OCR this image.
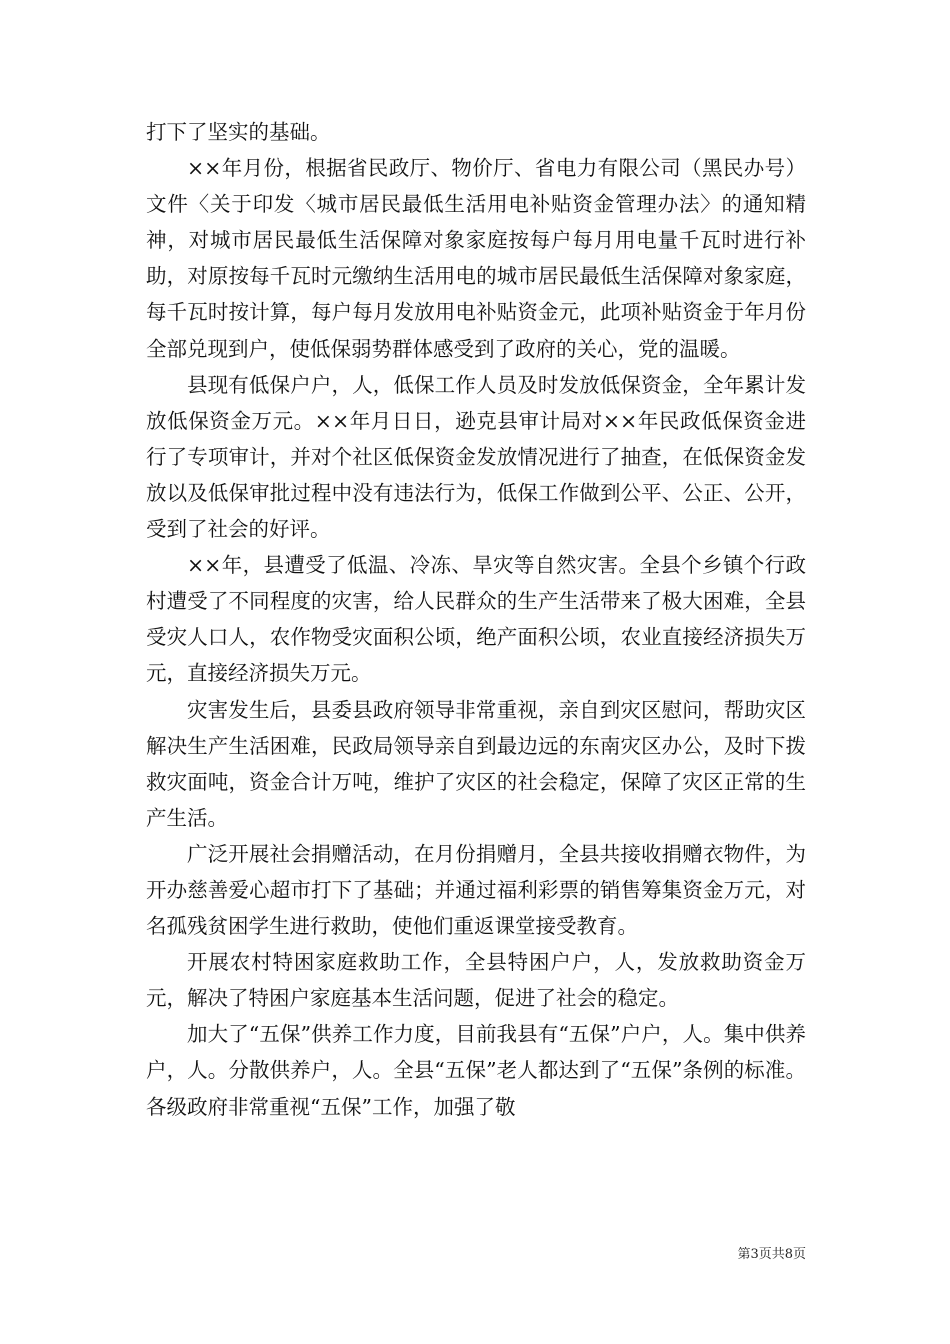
打下了坚实的基础。

××年月份，根据省民政厅、物价厅、省电力有限公司（黑民办号）文件〈关于印发〈城市居民最低生活用电补贴资金管理办法〉的通知精神，对城市居民最低生活保障对象家庭按每户每月用电量千瓦时进行补助，对原按每千瓦时元缴纳生活用电的城市居民最低生活保障对象家庭，每千瓦时按计算，每户每月发放用电补贴资金元，此项补贴资金于年月份全部兑现到户，使低保弱势群体感受到了政府的关心，党的温暖。

县现有低保户户，人，低保工作人员及时发放低保资金，全年累计发放低保资金万元。××年月日日，逊克县审计局对××年民政低保资金进行了专项审计，并对个社区低保资金发放情况进行了抽查，在低保资金发放以及低保审批过程中没有违法行为，低保工作做到公平、公正、公开，受到了社会的好评。

××年，县遭受了低温、冷冻、旱灾等自然灾害。全县个乡镇个行政村遭受了不同程度的灾害，给人民群众的生产生活带来了极大困难，全县受灾人口人，农作物受灾面积公顷，绝产面积公顷，农业直接经济损失万元，直接经济损失万元。

灾害发生后，县委县政府领导非常重视，亲自到灾区慰问，帮助灾区解决生产生活困难，民政局领导亲自到最边远的东南灾区办公，及时下拨救灾面吨，资金合计万吨，维护了灾区的社会稳定，保障了灾区正常的生产生活。

广泛开展社会捐赠活动，在月份捐赠月，全县共接收捐赠衣物件，为开办慈善爱心超市打下了基础；并通过福利彩票的销售筹集资金万元，对名孤残贫困学生进行救助，使他们重返课堂接受教育。

开展农村特困家庭救助工作，全县特困户户，人，发放救助资金万元，解决了特困户家庭基本生活问题，促进了社会的稳定。

加大了“五保”供养工作力度，目前我县有“五保”户户，人。集中供养户，人。分散供养户，人。全县“五保”老人都达到了“五保”条例的标准。各级政府非常重视“五保”工作，加强了敬

第3页共8页
